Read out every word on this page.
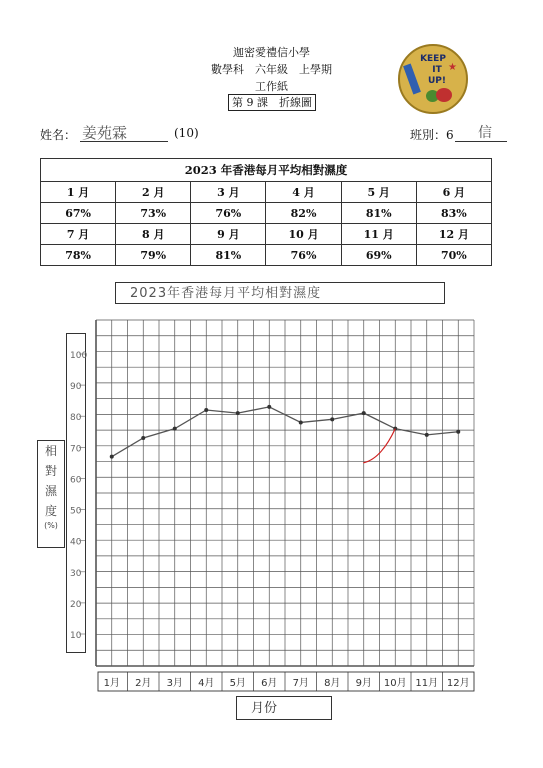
迦密愛禮信小學
數學科　六年級　上學期
工作紙
第 9 課　折線圖
KEEP
IT
UP!
★
姓名： 姜苑霖	(10)	班別：6 信
2023 年香港每月平均相對濕度					
1 月	2 月	3 月	4 月	5 月	6 月
67%	73%	76%	82%	81%	83%
7 月	8 月	9 月	10 月	11 月	12 月
78%	79%	81%	76%	69%	70%
2023年香港每月平均相對濕度
相
對
濕
度
(%)
10
20
30
40
50
60
70
80
90
100
1月 2月 3月 4月 5月 6月 7月 8月 9月 10月 11月 12月
月份
